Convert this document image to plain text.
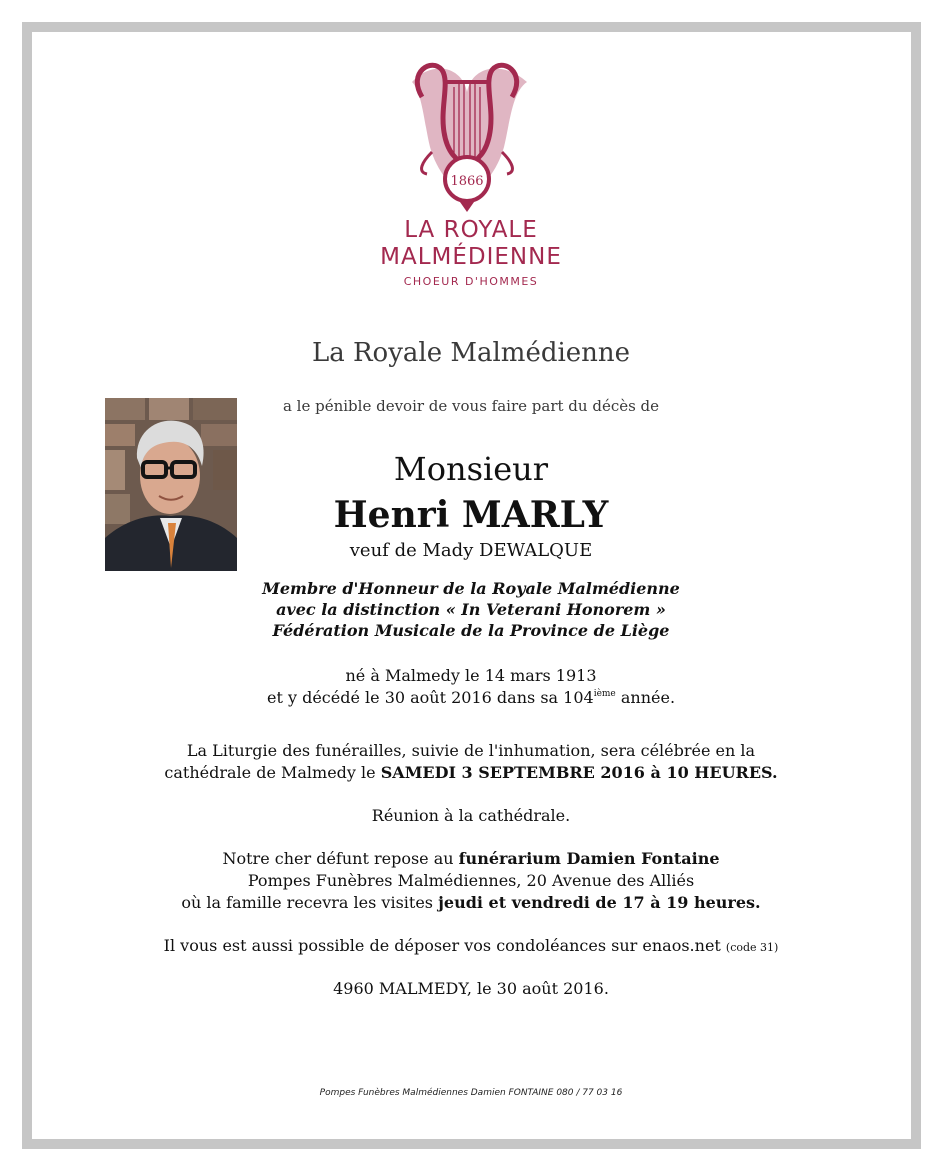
1866
LA ROYALE
MALMÉDIENNE
CHOEUR D'HOMMES
La Royale Malmédienne
a le pénible devoir de vous faire part du décès de
Monsieur
Henri MARLY
veuf de Mady DEWALQUE
Membre d'Honneur de la Royale Malmédienne
avec la distinction « In Veterani Honorem »
Fédération Musicale de la Province de Liège
né à Malmedy le 14 mars 1913
et y décédé le 30 août 2016 dans sa 104ième année.
La Liturgie des funérailles, suivie de l'inhumation, sera célébrée en la
cathédrale de Malmedy le SAMEDI 3 SEPTEMBRE 2016 à 10 HEURES.
Réunion à la cathédrale.
Notre cher défunt repose au funérarium Damien Fontaine
Pompes Funèbres Malmédiennes, 20 Avenue des Alliés
où la famille recevra les visites jeudi et vendredi de 17 à 19 heures.
Il vous est aussi possible de déposer vos condoléances sur enaos.net (code 31)
4960 MALMEDY, le 30 août 2016.
Pompes Funèbres Malmédiennes Damien FONTAINE 080 / 77 03 16
